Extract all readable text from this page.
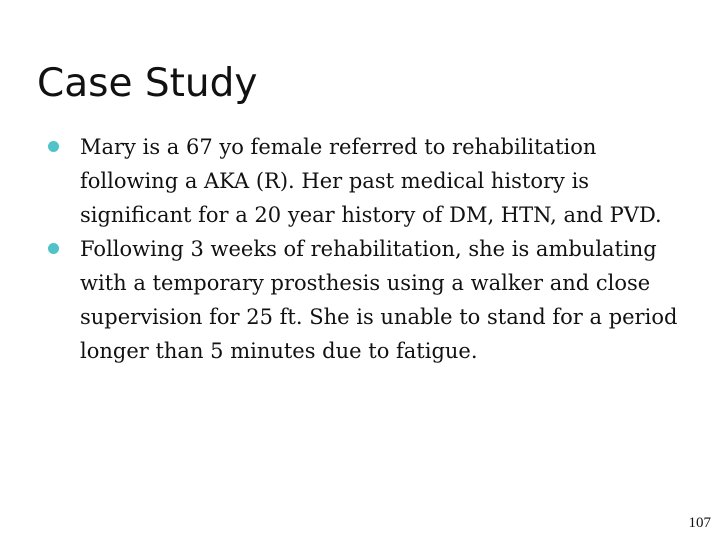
Case Study
Mary is a 67 yo female referred to rehabilitation following a AKA (R). Her past medical history is significant for a 20 year history of DM, HTN, and PVD.
Following 3 weeks of rehabilitation, she is ambulating with a temporary prosthesis using a walker and close supervision for 25 ft. She is unable to stand for a period longer than 5 minutes due to fatigue.
107
